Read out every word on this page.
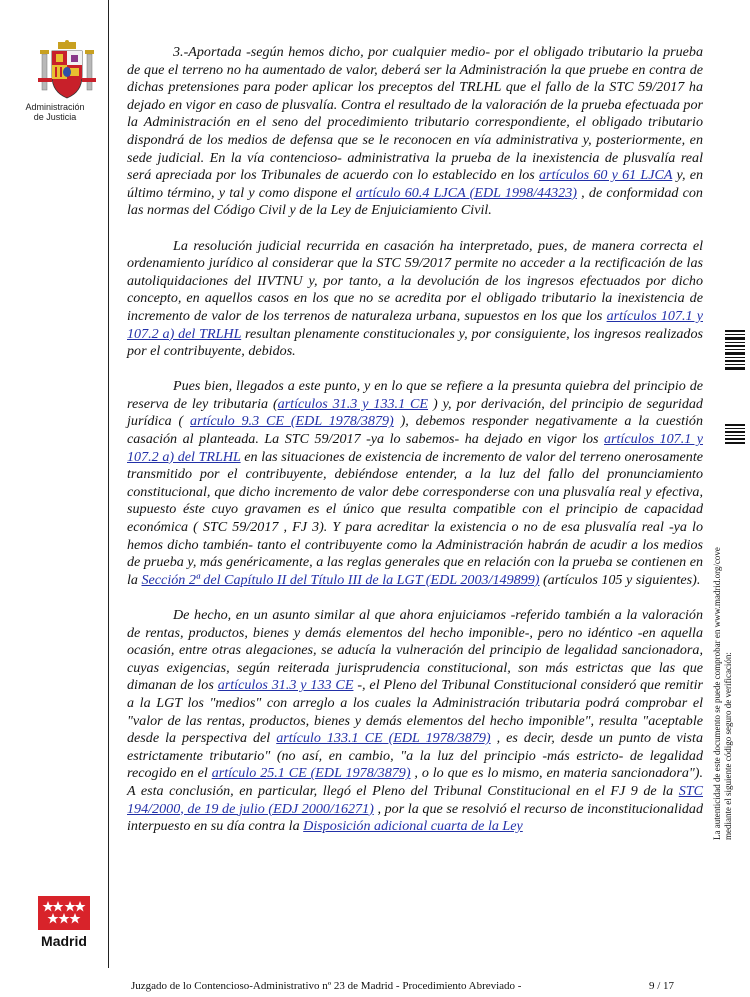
Administración
de Justicia
Madrid

3.-Aportada -según hemos dicho, por cualquier medio- por el obligado tributario la prueba de que el terreno no ha aumentado de valor, deberá ser la Administración la que pruebe en contra de dichas pretensiones para poder aplicar los preceptos del TRLHL que el fallo de la STC 59/2017 ha dejado en vigor en caso de plusvalía. Contra el resultado de la valoración de la prueba efectuada por la Administración en el seno del procedimiento tributario correspondiente, el obligado tributario dispondrá de los medios de defensa que se le reconocen en vía administrativa y, posteriormente, en sede judicial. En la vía contencioso- administrativa la prueba de la inexistencia de plusvalía real será apreciada por los Tribunales de acuerdo con lo establecido en los artículos 60 y 61 LJCA y, en último término, y tal y como dispone el artículo 60.4 LJCA (EDL 1998/44323) , de conformidad con las normas del Código Civil y de la Ley de Enjuiciamiento Civil.

La resolución judicial recurrida en casación ha interpretado, pues, de manera correcta el ordenamiento jurídico al considerar que la STC 59/2017 permite no acceder a la rectificación de las autoliquidaciones del IIVTNU y, por tanto, a la devolución de los ingresos efectuados por dicho concepto, en aquellos casos en los que no se acredita por el obligado tributario la inexistencia de incremento de valor de los terrenos de naturaleza urbana, supuestos en los que los artículos 107.1 y 107.2 a) del TRLHL resultan plenamente constitucionales y, por consiguiente, los ingresos realizados por el contribuyente, debidos.

Pues bien, llegados a este punto, y en lo que se refiere a la presunta quiebra del principio de reserva de ley tributaria (artículos 31.3 y 133.1 CE ) y, por derivación, del principio de seguridad jurídica ( artículo 9.3 CE (EDL 1978/3879) ), debemos responder negativamente a la cuestión casación al planteada. La STC 59/2017 -ya lo sabemos- ha dejado en vigor los artículos 107.1 y 107.2 a) del TRLHL en las situaciones de existencia de incremento de valor del terreno onerosamente transmitido por el contribuyente, debiéndose entender, a la luz del fallo del pronunciamiento constitucional, que dicho incremento de valor debe corresponderse con una plusvalía real y efectiva, supuesto éste cuyo gravamen es el único que resulta compatible con el principio de capacidad económica ( STC 59/2017 , FJ 3). Y para acreditar la existencia o no de esa plusvalía real -ya lo hemos dicho también- tanto el contribuyente como la Administración habrán de acudir a los medios de prueba y, más genéricamente, a las reglas generales que en relación con la prueba se contienen en la Sección 2ª del Capítulo II del Título III de la LGT (EDL 2003/149899) (artículos 105 y siguientes).

De hecho, en un asunto similar al que ahora enjuiciamos -referido también a la valoración de rentas, productos, bienes y demás elementos del hecho imponible-, pero no idéntico -en aquella ocasión, entre otras alegaciones, se aducía la vulneración del principio de legalidad sancionadora, cuyas exigencias, según reiterada jurisprudencia constitucional, son más estrictas que las que dimanan de los artículos 31.3 y 133 CE -, el Pleno del Tribunal Constitucional consideró que remitir a la LGT los "medios" con arreglo a los cuales la Administración tributaria podrá comprobar el "valor de las rentas, productos, bienes y demás elementos del hecho imponible", resulta "aceptable desde la perspectiva del artículo 133.1 CE (EDL 1978/3879) , es decir, desde un punto de vista estrictamente tributario" (no así, en cambio, "a la luz del principio -más estricto- de legalidad recogido en el artículo 25.1 CE (EDL 1978/3879) , o lo que es lo mismo, en materia sancionadora"). A esta conclusión, en particular, llegó el Pleno del Tribunal Constitucional en el FJ 9 de la STC 194/2000, de 19 de julio (EDJ 2000/16271) , por la que se resolvió el recurso de inconstitucionalidad interpuesto en su día contra la Disposición adicional cuarta de la Ley	La autenticidad de este documento se puede comprobar en www.madrid.org/cove mediante el siguiente código seguro de verificación:
Juzgado de lo Contencioso-Administrativo nº 23 de Madrid - Procedimiento Abreviado -	9 / 17
